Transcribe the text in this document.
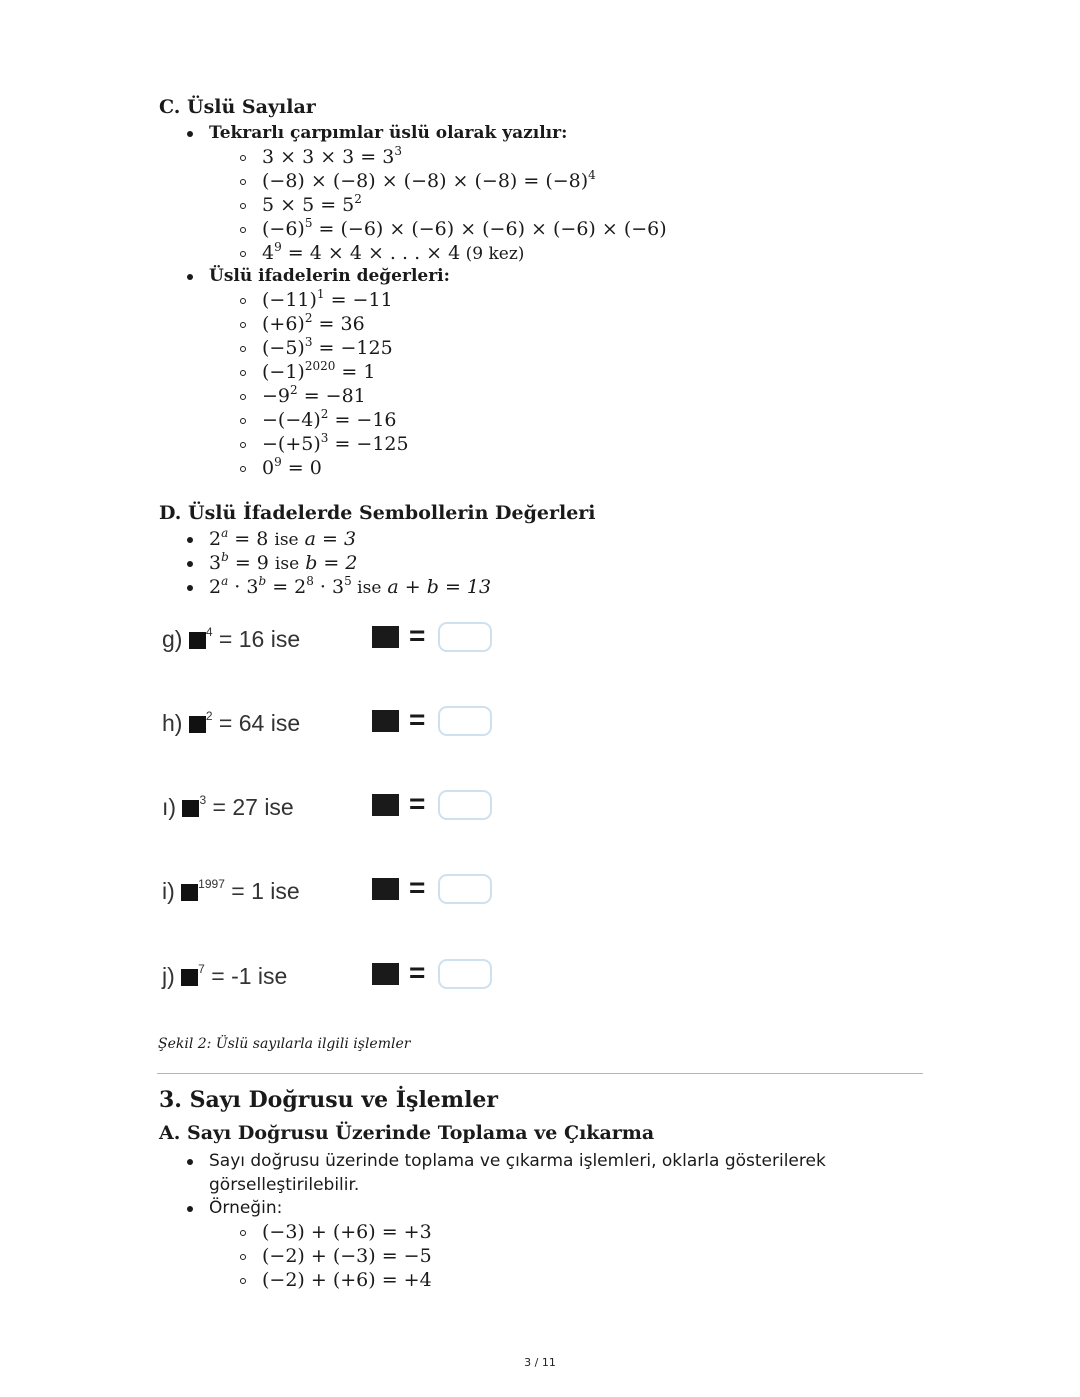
C. Üslü Sayılar
Tekrarlı çarpımlar üslü olarak yazılır:
$3 \times 3 \times 3 = 3^3$
$(-8) \times (-8) \times (-8) \times (-8) = (-8)^4$
$5 \times 5 = 5^2$
$(-6)^5 = (-6) \times (-6) \times (-6) \times (-6) \times (-6)$
$4^9 = 4 \times 4$ × . . . × 4 (9 kez)
Üslü ifadelerin değerleri:
$(-11)^1 = -11$
$(+6)^2 = 36$
$(-5)^3 = -125$
$(-1)^{2020} = 1$
$-9^2 = -81$
$-(-4)^2 = -16$
$-(+5)^3 = -125$
$0^9 = 0$
D. Üslü İfadelerde Sembollerin Değerleri
$2^a = 8$ ise a = 3
$3^b = 9$ ise b = 2
$2^a \cdot 3^b = 2^8 \cdot 3^5$ ise a + b = 13
g) $^4$ = 16 ise	=
h) $^2$ = 64 ise	=
ı) $^3$ = 27 ise	=
i) $^{1997}$ = 1 ise	=
j) $^7$ = -1 ise	=
Şekil 2: Üslü sayılarla ilgili işlemler
3. Sayı Doğrusu ve İşlemler
A. Sayı Doğrusu Üzerinde Toplama ve Çıkarma
Sayı doğrusu üzerinde toplama ve çıkarma işlemleri, oklarla gösterilerek
görselleştirilebilir.
Örneğin:
(−3) + (+6) = +3
(−2) + (−3) = −5
(−2) + (+6) = +4
3 / 11
